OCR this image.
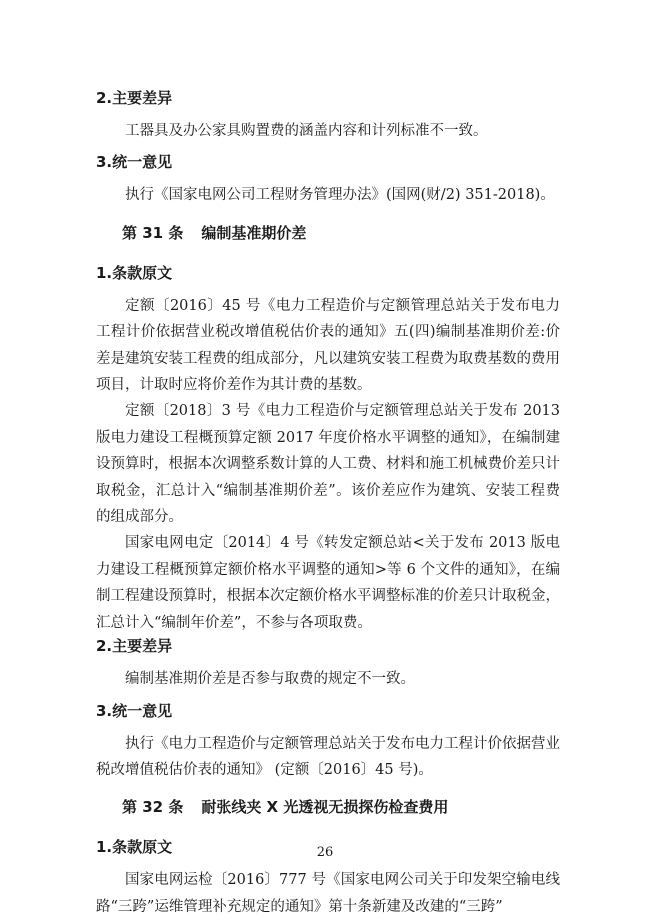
2.主要差异

工器具及办公家具购置费的涵盖内容和计列标准不一致。

3.统一意见

执行《国家电网公司工程财务管理办法》(国网(财/2) 351-2018)。

第 31 条 编制基准期价差
1.条款原文

定额〔2016〕45 号《电力工程造价与定额管理总站关于发布电力工程计价依据营业税改增值税估价表的通知》五(四)编制基准期价差:价差是建筑安装工程费的组成部分，凡以建筑安装工程费为取费基数的费用项目，计取时应将价差作为其计费的基数。

定额〔2018〕3 号《电力工程造价与定额管理总站关于发布 2013 版电力建设工程概预算定额 2017 年度价格水平调整的通知》，在编制建设预算时，根据本次调整系数计算的人工费、材料和施工机械费价差只计取税金，汇总计入“编制基准期价差”。该价差应作为建筑、安装工程费的组成部分。

国家电网电定〔2014〕4 号《转发定额总站<关于发布 2013 版电力建设工程概预算定额价格水平调整的通知>等 6 个文件的通知》，在编制工程建设预算时，根据本次定额价格水平调整标准的价差只计取税金，汇总计入“编制年价差”，不参与各项取费。

2.主要差异

编制基准期价差是否参与取费的规定不一致。

3.统一意见

执行《电力工程造价与定额管理总站关于发布电力工程计价依据营业税改增值税估价表的通知》 (定额〔2016〕45 号)。

第 32 条 耐张线夹 X 光透视无损探伤检查费用
1.条款原文

国家电网运检〔2016〕777 号《国家电网公司关于印发架空输电线路“三跨”运维管理补充规定的通知》第十条新建及改建的“三跨”

26
